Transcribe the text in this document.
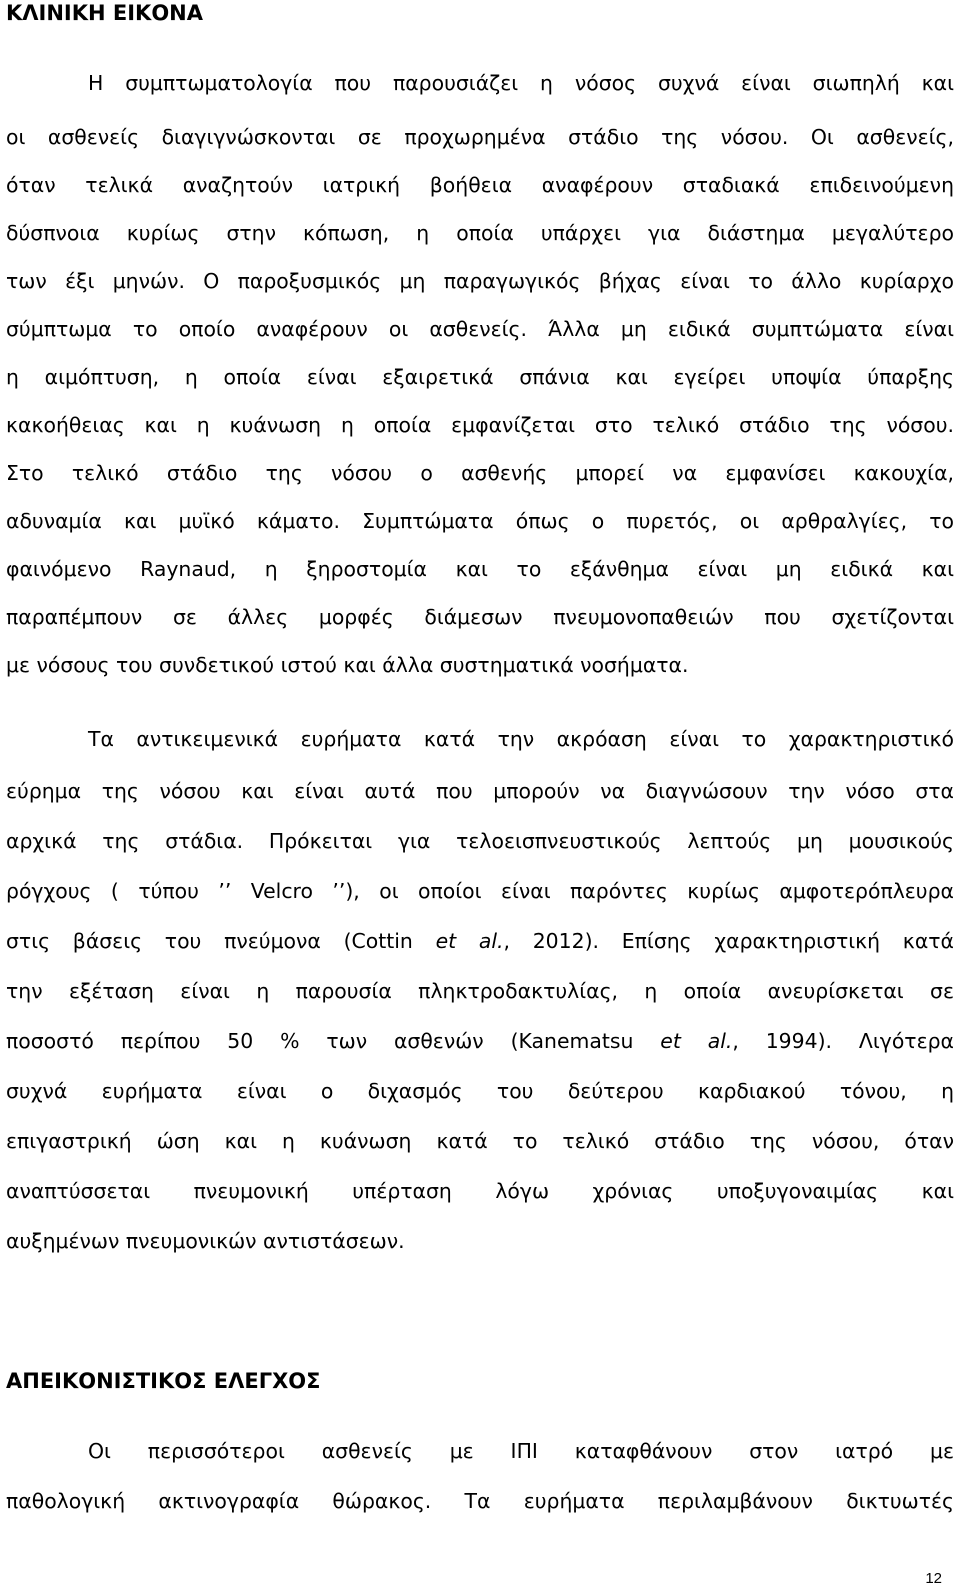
ΚΛΙΝΙΚΗ ΕΙΚΟΝΑ
Η συμπτωματολογία που παρουσιάζει η νόσος συχνά είναι σιωπηλή και
οι ασθενείς διαγιγνώσκονται σε προχωρημένα στάδιο της νόσου. Οι ασθενείς,
όταν τελικά αναζητούν ιατρική βοήθεια αναφέρουν σταδιακά επιδεινούμενη
δύσπνοια κυρίως στην κόπωση, η οποία υπάρχει για διάστημα μεγαλύτερο
των έξι μηνών. Ο παροξυσμικός μη παραγωγικός βήχας είναι το άλλο κυρίαρχο
σύμπτωμα το οποίο αναφέρουν οι ασθενείς. Άλλα μη ειδικά συμπτώματα είναι
η αιμόπτυση, η οποία είναι εξαιρετικά σπάνια και εγείρει υποψία ύπαρξης
κακοήθειας και η κυάνωση η οποία εμφανίζεται στο τελικό στάδιο της νόσου.
Στο τελικό στάδιο της νόσου ο ασθενής μπορεί να εμφανίσει κακουχία,
αδυναμία και μυϊκό κάματο. Συμπτώματα όπως ο πυρετός, οι αρθραλγίες, το
φαινόμενο Raynaud, η ξηροστομία και το εξάνθημα είναι μη ειδικά και
παραπέμπουν σε άλλες μορφές διάμεσων πνευμονοπαθειών που σχετίζονται
με νόσους του συνδετικού ιστού και άλλα συστηματικά νοσήματα.
Τα αντικειμενικά ευρήματα κατά την ακρόαση είναι το χαρακτηριστικό
εύρημα της νόσου και είναι αυτά που μπορούν να διαγνώσουν την νόσο στα
αρχικά της στάδια. Πρόκειται για τελοεισπνευστικούς λεπτούς μη μουσικούς
ρόγχους ( τύπου ’’ Velcro ’’), οι οποίοι είναι παρόντες κυρίως αμφοτερόπλευρα
στις βάσεις του πνεύμονα (Cottin et al., 2012). Επίσης χαρακτηριστική κατά
την εξέταση είναι η παρουσία πληκτροδακτυλίας, η οποία ανευρίσκεται σε
ποσοστό περίπου 50 % των ασθενών (Kanematsu et al., 1994). Λιγότερα
συχνά ευρήματα είναι ο διχασμός του δεύτερου καρδιακού τόνου, η
επιγαστρική ώση και η κυάνωση κατά το τελικό στάδιο της νόσου, όταν
αναπτύσσεται πνευμονική υπέρταση λόγω χρόνιας υποξυγοναιμίας και
αυξημένων πνευμονικών αντιστάσεων.
ΑΠΕΙΚΟΝΙΣΤΙΚΟΣ ΕΛΕΓΧΟΣ
Οι περισσότεροι ασθενείς με ΙΠΙ καταφθάνουν στον ιατρό με
παθολογική ακτινογραφία θώρακος. Τα ευρήματα περιλαμβάνουν δικτυωτές
12
